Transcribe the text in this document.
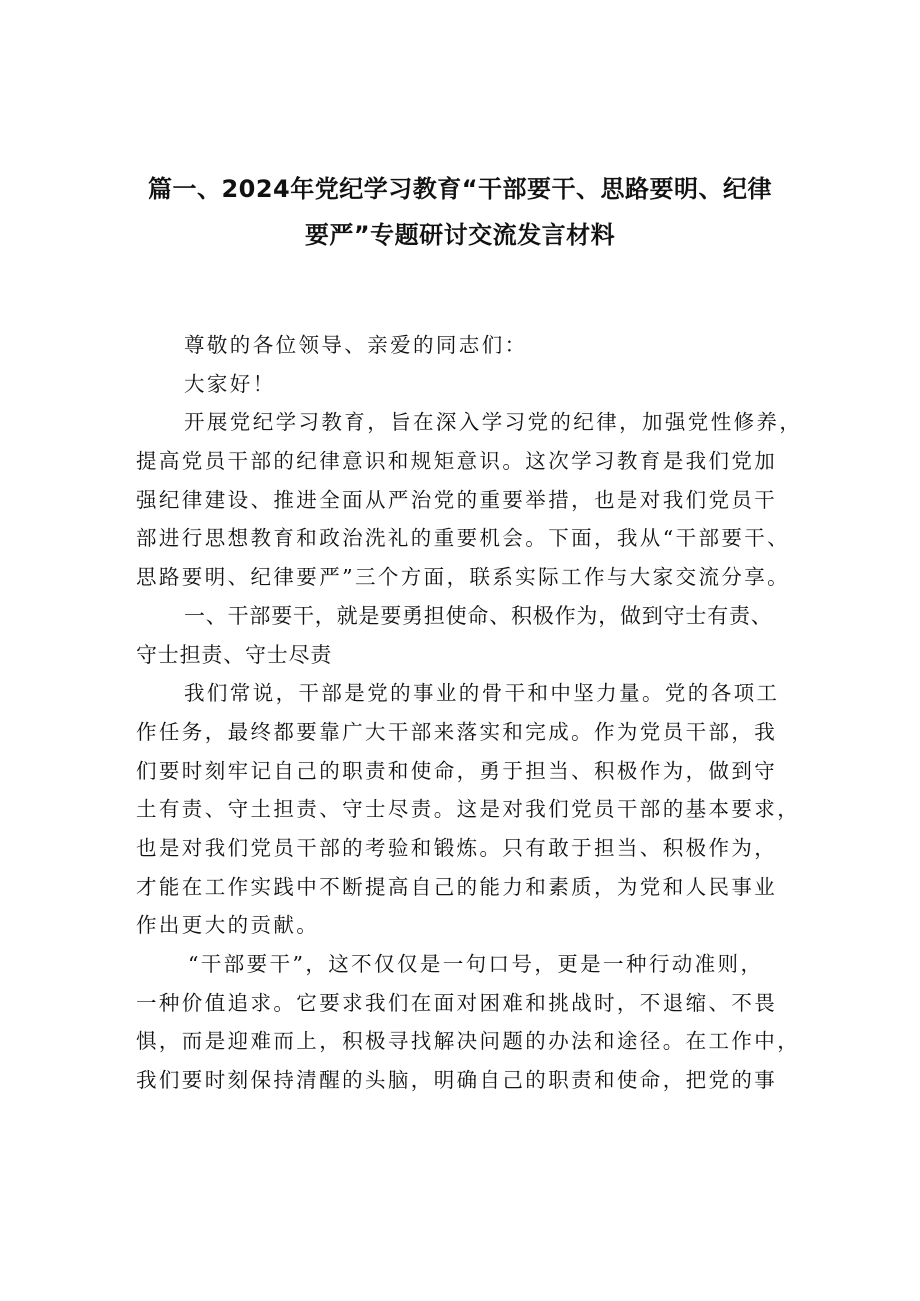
篇一、2024年党纪学习教育“干部要干、思路要明、纪律
要严”专题研讨交流发言材料
尊敬的各位领导、亲爱的同志们：
大家好！
开展党纪学习教育，旨在深入学习党的纪律，加强党性修养，
提高党员干部的纪律意识和规矩意识。这次学习教育是我们党加
强纪律建设、推进全面从严治党的重要举措，也是对我们党员干
部进行思想教育和政治洗礼的重要机会。下面，我从“干部要干、
思路要明、纪律要严”三个方面，联系实际工作与大家交流分享。
一、干部要干，就是要勇担使命、积极作为，做到守士有责、
守士担责、守士尽责
我们常说，干部是党的事业的骨干和中坚力量。党的各项工
作任务，最终都要靠广大干部来落实和完成。作为党员干部，我
们要时刻牢记自己的职责和使命，勇于担当、积极作为，做到守
土有责、守土担责、守士尽责。这是对我们党员干部的基本要求，
也是对我们党员干部的考验和锻炼。只有敢于担当、积极作为，
才能在工作实践中不断提高自己的能力和素质，为党和人民事业
作出更大的贡献。
“干部要干”，这不仅仅是一句口号，更是一种行动准则，
一种价值追求。它要求我们在面对困难和挑战时，不退缩、不畏
惧，而是迎难而上，积极寻找解决问题的办法和途径。在工作中，
我们要时刻保持清醒的头脑，明确自己的职责和使命，把党的事
